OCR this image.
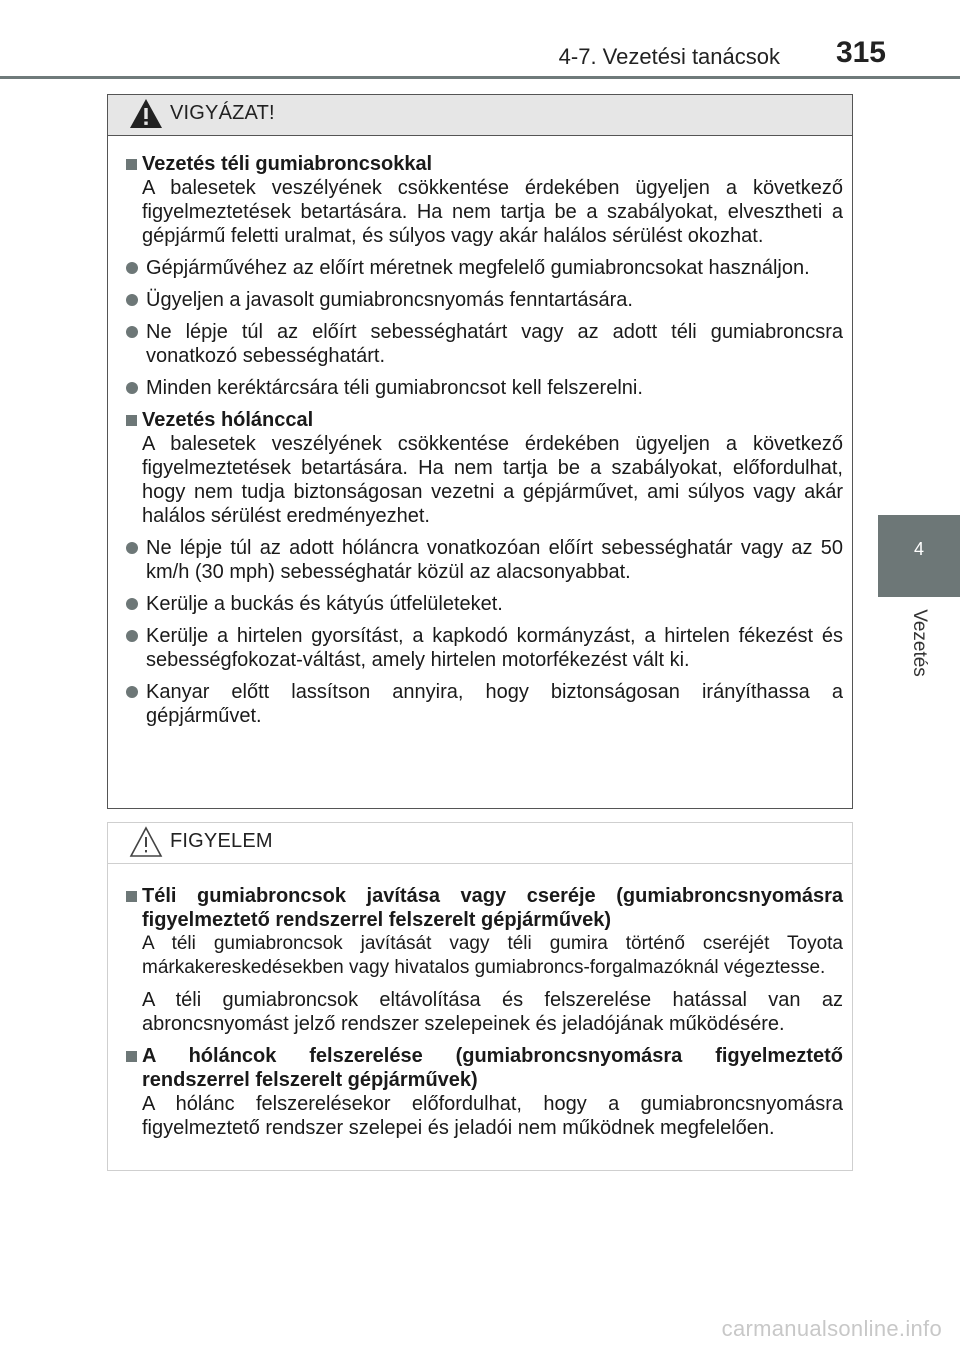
4-7. Vezetési tanácsok 315
4
Vezetés
VIGYÁZAT!
Vezetés téli gumiabroncsokkal
A balesetek veszélyének csökkentése érdekében ügyeljen a következő figyelmeztetések betartására. Ha nem tartja be a szabályokat, elvesztheti a gépjármű feletti uralmat, és súlyos vagy akár halálos sérülést okozhat.
Gépjárművéhez az előírt méretnek megfelelő gumiabroncsokat használjon.
Ügyeljen a javasolt gumiabroncsnyomás fenntartására.
Ne lépje túl az előírt sebességhatárt vagy az adott téli gumiabroncsra vonatkozó sebességhatárt.
Minden keréktárcsára téli gumiabroncsot kell felszerelni.
Vezetés hólánccal
A balesetek veszélyének csökkentése érdekében ügyeljen a következő figyelmeztetések betartására. Ha nem tartja be a szabályokat, előfordulhat, hogy nem tudja biztonságosan vezetni a gépjárművet, ami súlyos vagy akár halálos sérülést eredményezhet.
Ne lépje túl az adott hóláncra vonatkozóan előírt sebességhatár vagy az 50 km/h (30 mph) sebességhatár közül az alacsonyabbat.
Kerülje a buckás és kátyús útfelületeket.
Kerülje a hirtelen gyorsítást, a kapkodó kormányzást, a hirtelen fékezést és sebességfokozat-váltást, amely hirtelen motorfékezést vált ki.
Kanyar előtt lassítson annyira, hogy biztonságosan irányíthassa a gépjárművet.
FIGYELEM
Téli gumiabroncsok javítása vagy cseréje (gumiabroncsnyomásra figyelmeztető rendszerrel felszerelt gépjárművek)
A téli gumiabroncsok javítását vagy téli gumira történő cseréjét Toyota márkakereskedésekben vagy hivatalos gumiabroncs-forgalmazóknál végeztesse.
A téli gumiabroncsok eltávolítása és felszerelése hatással van az abroncsnyomást jelző rendszer szelepeinek és jeladójának működésére.
A hóláncok felszerelése (gumiabroncsnyomásra figyelmeztető rendszerrel felszerelt gépjárművek)
A hólánc felszerelésekor előfordulhat, hogy a gumiabroncsnyomásra figyelmeztető rendszer szelepei és jeladói nem működnek megfelelően.
carmanualsonline.info
